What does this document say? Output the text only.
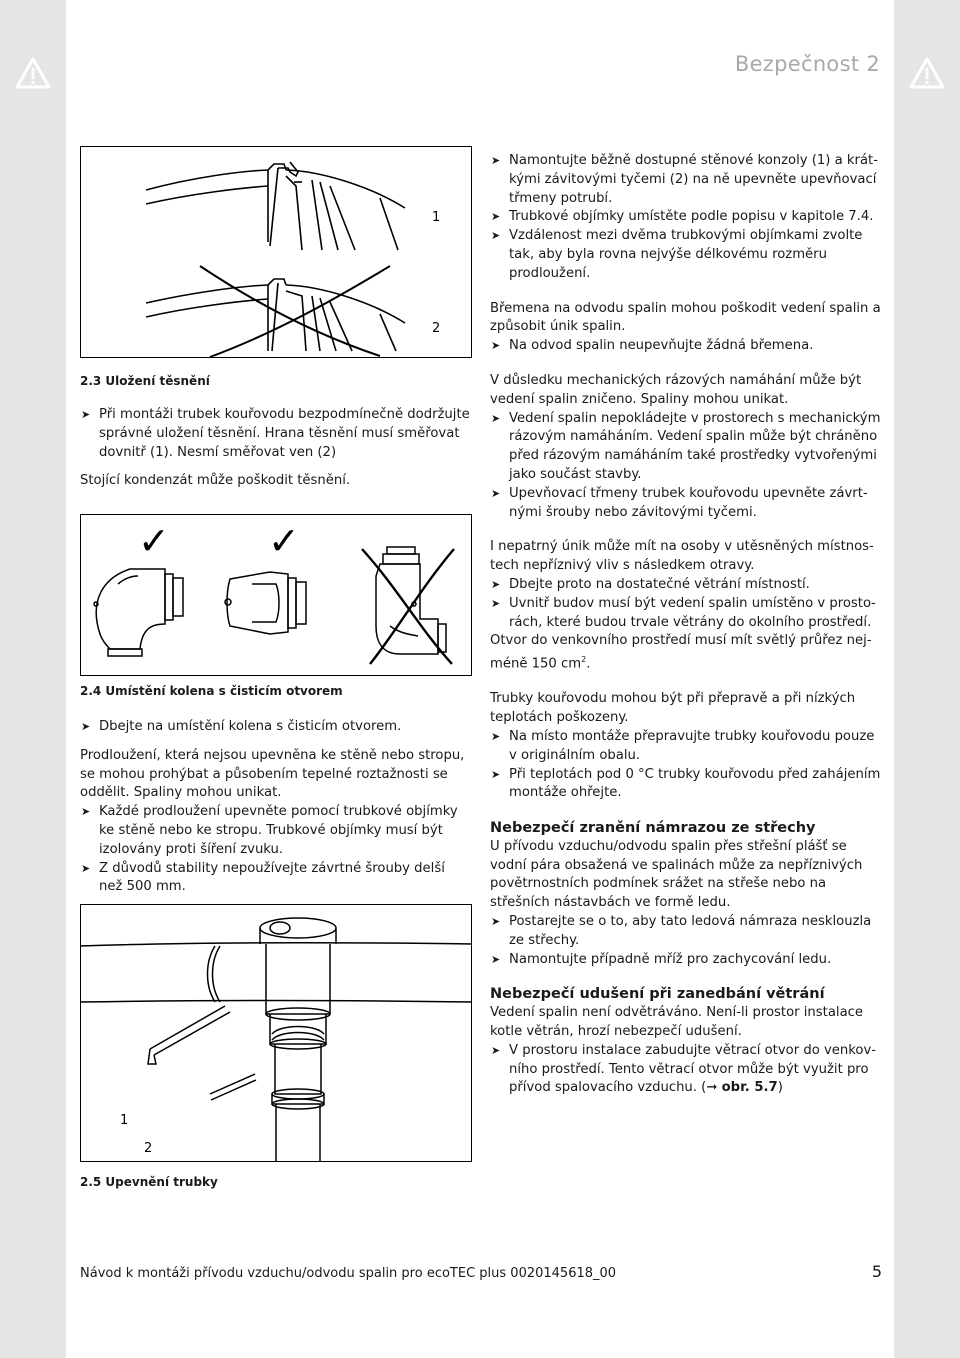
Bezpečnost 2
1
2

➤ Namontujte běžně dostupné stěnové konzoly (1) a krátkými závitovými tyčemi (2) na ně upevněte upevňovací třmeny potrubí.

➤ Trubkové objímky umístěte podle popisu v kapitole 7.4.

➤ Vzdálenost mezi dvěma trubkovými objímkami zvolte tak, aby byla rovna nejvýše délkovému rozměru prodloužení.

Břemena na odvodu spalin mohou poškodit vedení spalin a způsobit únik spalin.

➤ Na odvod spalin neupevňujte žádná břemena.

V důsledku mechanických rázových namáhání může být vedení spalin zničeno. Spaliny mohou unikat.

➤ Vedení spalin nepokládejte v prostorech s mechanickým rázovým namáháním. Vedení spalin může být chráněno před rázovým namáháním také prostředky vytvořenými jako součást stavby.

➤ Upevňovací třmeny trubek kouřovodu upevněte závrtnými šrouby nebo závitovými tyčemi.

I nepatrný únik může mít na osoby v utěsněných místnostech nepříznivý vliv s následkem otravy.

➤ Dbejte proto na dostatečné větrání místností.

➤ Uvnitř budov musí být vedení spalin umístěno v prostorách, které budou trvale větrány do okolního prostředí.

Otvor do venkovního prostředí musí mít světlý průřez nejméně 150 $cm^2$.

Trubky kouřovodu mohou být při přepravě a při nízkých teplotách poškozeny.

➤ Na místo montáže přepravujte trubky kouřovodu pouze v originálním obalu.

➤ Při teplotách pod 0 °C trubky kouřovodu před zahájením montáže ohřejte.

Nebezpečí zranění námrazou ze střechy

U přívodu vzduchu/odvodu spalin přes střešní plášť se vodní pára obsažená ve spalinách může za nepříznivých povětrnostních podmínek srážet na střeše nebo na střešních nástavbách ve formě ledu.

➤ Postarejte se o to, aby tato ledová námraza nesklouzla ze střechy.

➤ Namontujte případně mříž pro zachycování ledu.

Nebezpečí udušení při zanedbání větrání

Vedení spalin není odvětráváno. Není-li prostor instalace kotle větrán, hrozí nebezpečí udušení.

➤ V prostoru instalace zabudujte větrací otvor do venkovního prostředí. Tento větrací otvor může být využit pro přívod spalovacího vzduchu. (➞ obr. 5.7)

2.3 Uložení těsnění

➤ Při montáži trubek kouřovodu bezpodmínečně dodržujte správné uložení těsnění. Hrana těsnění musí směřovat dovnitř (1). Nesmí směřovat ven (2)

Stojící kondenzát může poškodit těsnění.

✓	✓
2.4 Umístění kolena s čisticím otvorem

➤ Dbejte na umístění kolena s čisticím otvorem.

Prodloužení, která nejsou upevněna ke stěně nebo stropu, se mohou prohýbat a působením tepelné roztažnosti se oddělit. Spaliny mohou unikat.

➤ Každé prodloužení upevněte pomocí trubkové objímky ke stěně nebo ke stropu. Trubkové objímky musí být izolovány proti šíření zvuku.

➤ Z důvodů stability nepoužívejte závrtné šrouby delší než 500 mm.

1
2
2.5 Upevnění trubky
Návod k montáži přívodu vzduchu/odvodu spalin pro ecoTEC plus 0020145618_00	5
